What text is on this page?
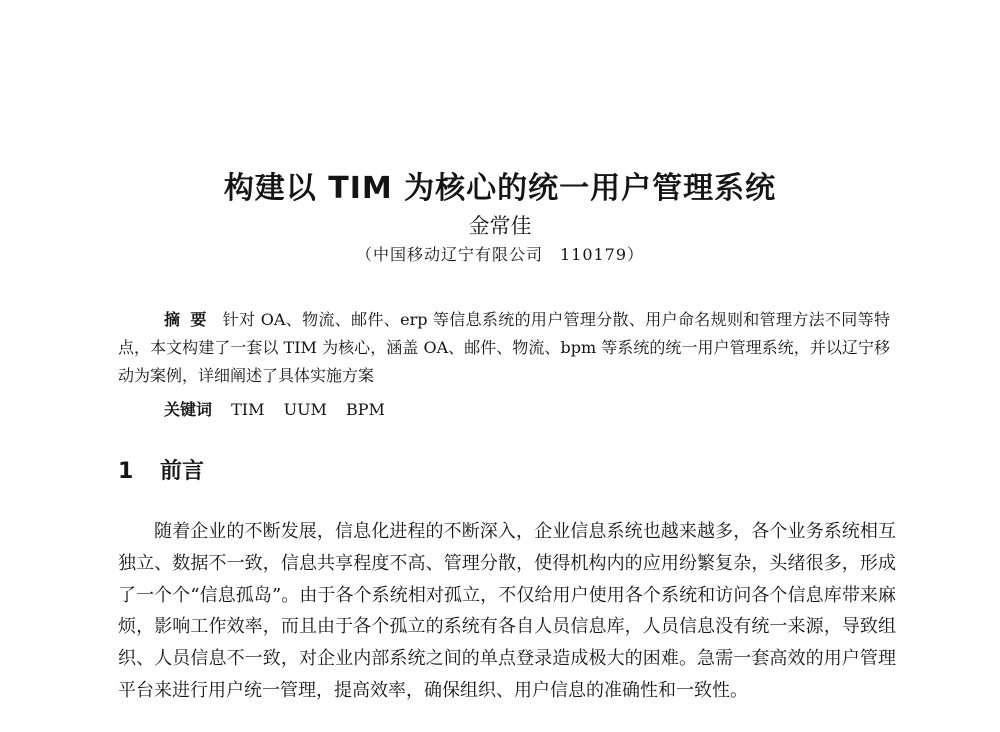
构建以 TIM 为核心的统一用户管理系统
金常佳
（中国移动辽宁有限公司　110179）
摘要 针对 OA、物流、邮件、erp 等信息系统的用户管理分散、用户命名规则和管理方法不同等特点，本文构建了一套以 TIM 为核心，涵盖 OA、邮件、物流、bpm 等系统的统一用户管理系统，并以辽宁移动为案例，详细阐述了具体实施方案
关键词 TIM UUM BPM
1 前言
随着企业的不断发展，信息化进程的不断深入，企业信息系统也越来越多，各个业务系统相互独立、数据不一致，信息共享程度不高、管理分散，使得机构内的应用纷繁复杂，头绪很多，形成了一个个“信息孤岛”。由于各个系统相对孤立，不仅给用户使用各个系统和访问各个信息库带来麻烦，影响工作效率，而且由于各个孤立的系统有各自人员信息库，人员信息没有统一来源，导致组织、人员信息不一致，对企业内部系统之间的单点登录造成极大的困难。急需一套高效的用户管理平台来进行用户统一管理，提高效率，确保组织、用户信息的准确性和一致性。
